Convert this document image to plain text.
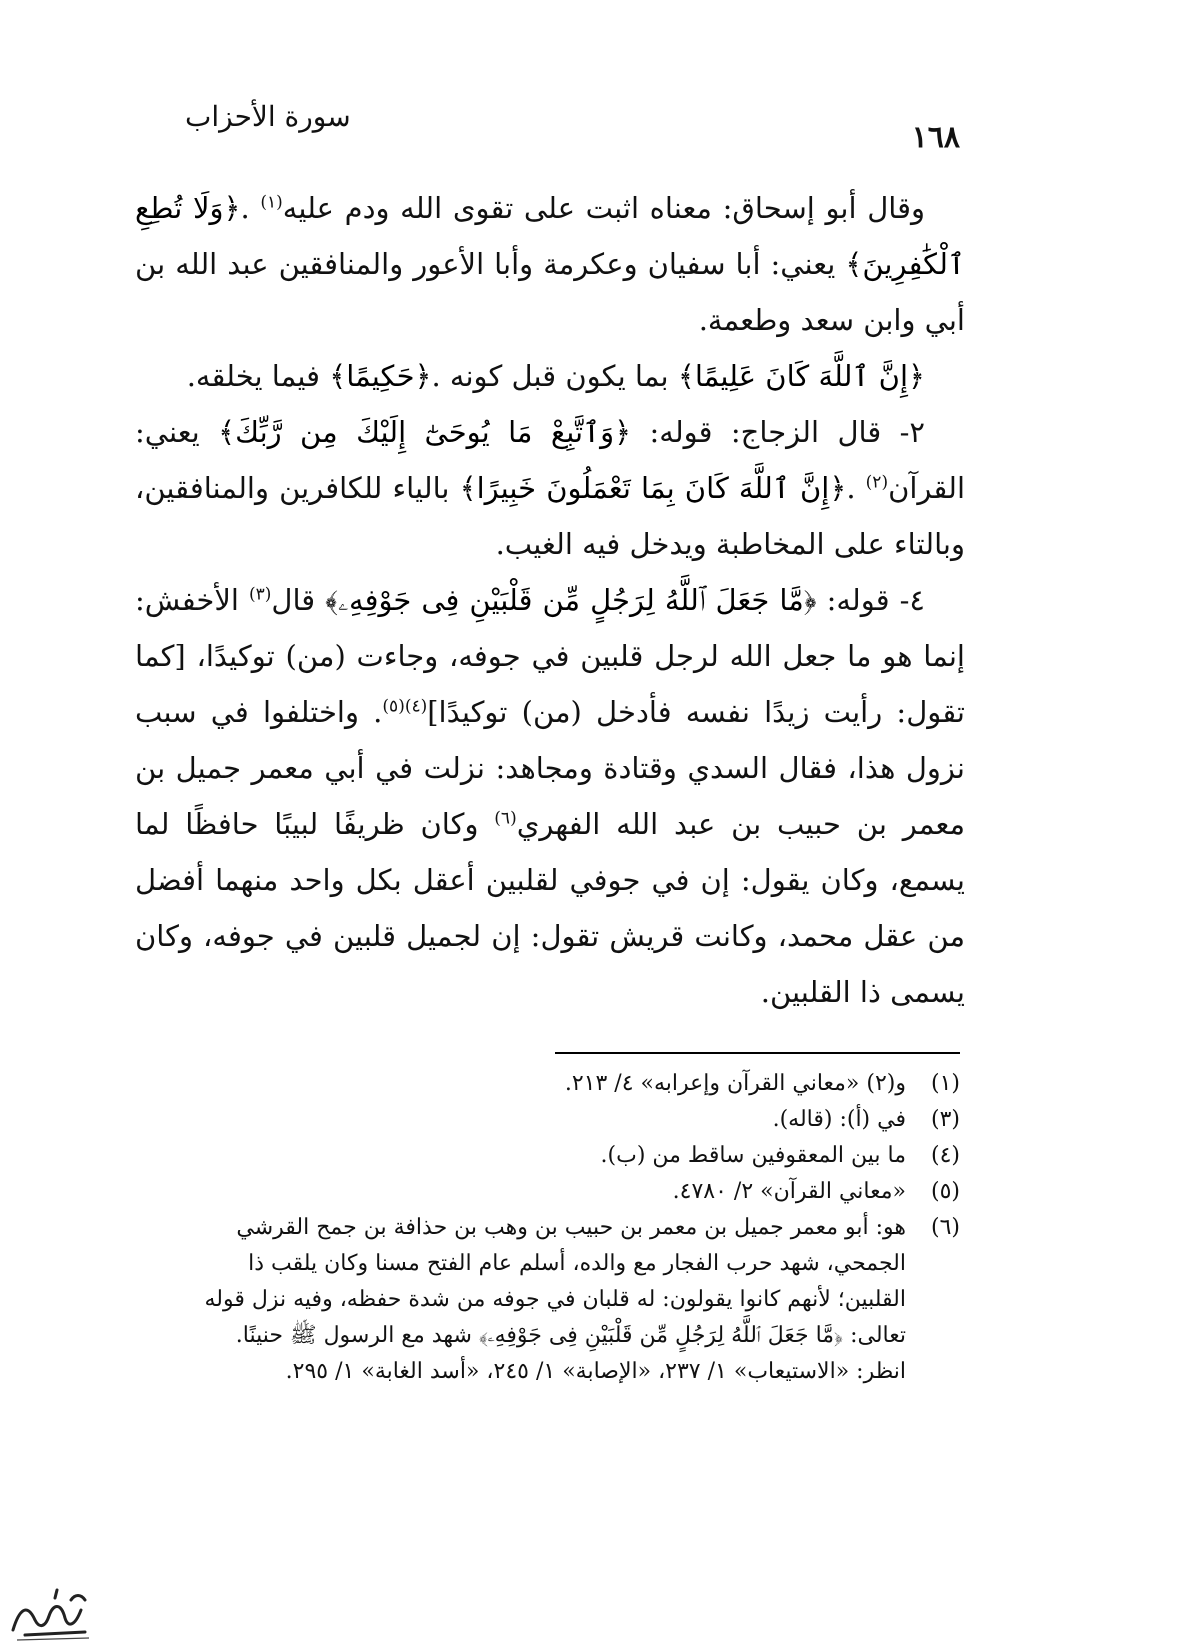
١٦٨
سورة الأحزاب

وقال أبو إسحاق: معناه اثبت على تقوى الله ودم عليه$^{(١)}$ .﴿وَلَا تُطِعِ ٱلْكَٰفِرِينَ﴾ يعني: أبا سفيان وعكرمة وأبا الأعور والمنافقين عبد الله بن أبي وابن سعد وطعمة.

﴿إِنَّ ٱللَّهَ كَانَ عَلِيمًا﴾ بما يكون قبل كونه .﴿حَكِيمًا﴾ فيما يخلقه.

٢- قال الزجاج: قوله: ﴿وَٱتَّبِعْ مَا يُوحَىٰٓ إِلَيْكَ مِن رَّبِّكَ﴾ يعني: القرآن$^{(٢)}$ .﴿إِنَّ ٱللَّهَ كَانَ بِمَا تَعْمَلُونَ خَبِيرًا﴾ بالياء للكافرين والمنافقين، وبالتاء على المخاطبة ويدخل فيه الغيب.

٤- قوله: ﴿مَّا جَعَلَ ٱللَّهُ لِرَجُلٍ مِّن قَلْبَيْنِ فِى جَوْفِهِۦ﴾ قال$^{(٣)}$ الأخفش: إنما هو ما جعل الله لرجل قلبين في جوفه، وجاءت (من) توكيدًا، [كما تقول: رأيت زيدًا نفسه فأدخل (من) توكيدًا]$^{(٤)(٥)}$. واختلفوا في سبب نزول هذا، فقال السدي وقتادة ومجاهد: نزلت في أبي معمر جميل بن معمر بن حبيب بن عبد الله الفهري$^{(٦)}$ وكان ظريفًا لبيبًا حافظًا لما يسمع، وكان يقول: إن في جوفي لقلبين أعقل بكل واحد منهما أفضل من عقل محمد، وكانت قريش تقول: إن لجميل قلبين في جوفه، وكان يسمى ذا القلبين.

(١)
و(٢) «معاني القرآن وإعرابه» ٤/ ٢١٣.
(٣)
في (أ): (قاله).
(٤)
ما بين المعقوفين ساقط من (ب).
(٥)
«معاني القرآن» ٢/ ٤٧٨٠.
(٦)
هو: أبو معمر جميل بن معمر بن حبيب بن وهب بن حذافة بن جمح القرشي
الجمحي، شهد حرب الفجار مع والده، أسلم عام الفتح مسنا وكان يلقب ذا
القلبين؛ لأنهم كانوا يقولون: له قلبان في جوفه من شدة حفظه، وفيه نزل قوله
تعالى: ﴿مَّا جَعَلَ ٱللَّهُ لِرَجُلٍ مِّن قَلْبَيْنِ فِى جَوْفِهِۦ﴾ شهد مع الرسول ﷺ حنينًا.
انظر: «الاستيعاب» ١/ ٢٣٧، «الإصابة» ١/ ٢٤٥، «أسد الغابة» ١/ ٢٩٥.
